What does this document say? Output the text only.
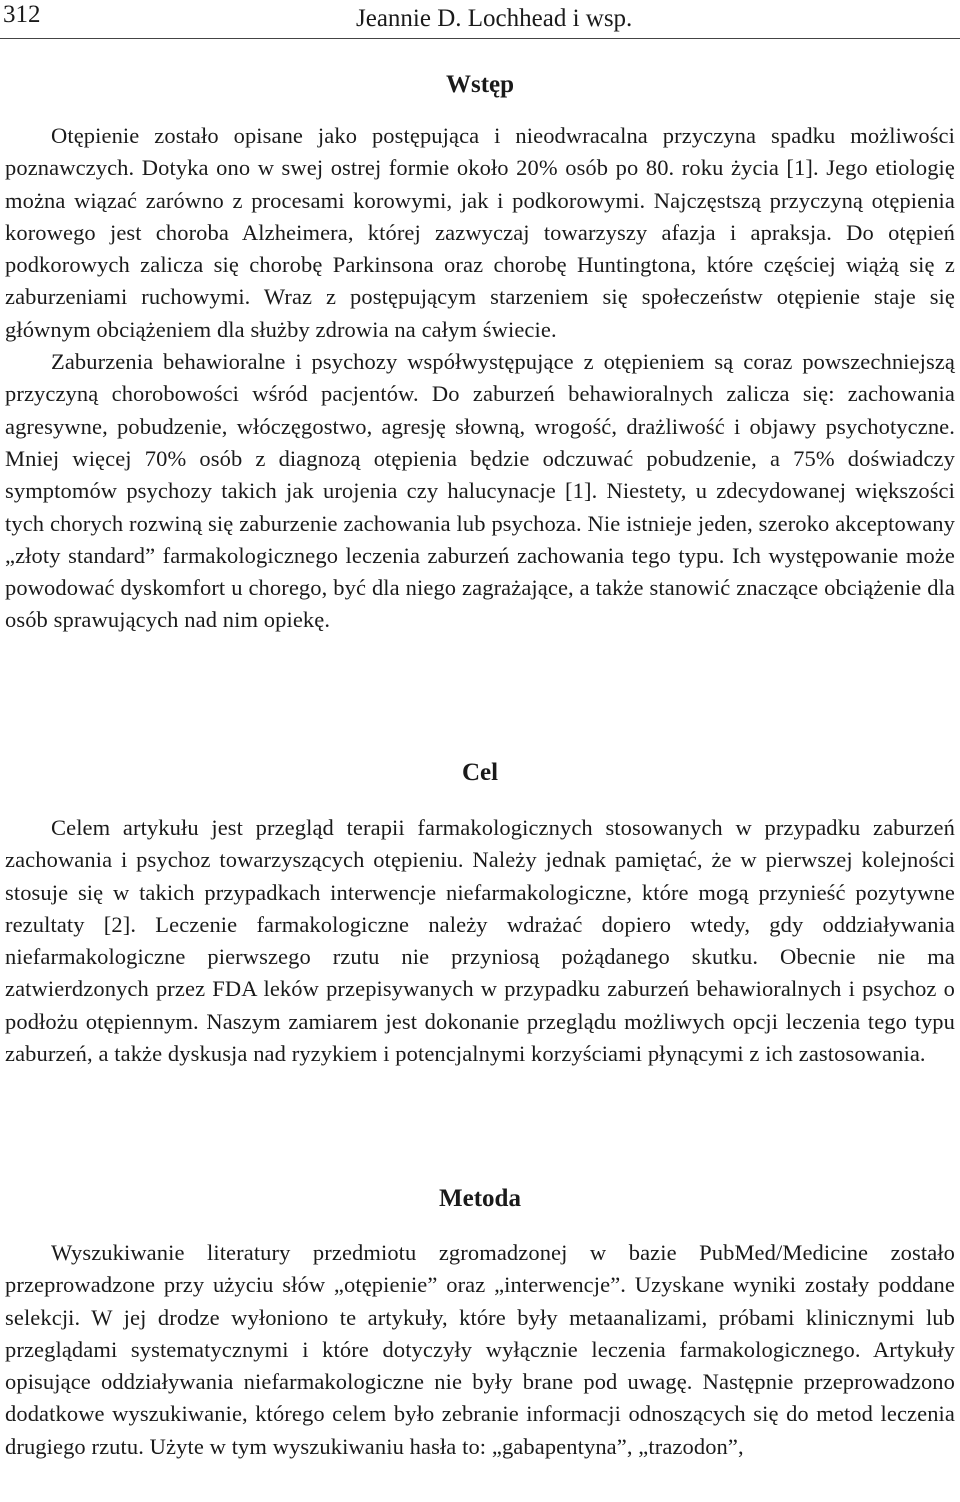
312	Jeannie D. Lochhead i wsp.
Wstęp

Otępienie zostało opisane jako postępująca i nieodwracalna przyczyna spadku możliwości poznawczych. Dotyka ono w swej ostrej formie około 20% osób po 80. roku życia [1]. Jego etiologię można wiązać zarówno z procesami korowymi, jak i podkorowymi. Najczęstszą przyczyną otępienia korowego jest choroba Alzheimera, której zazwyczaj towarzyszy afazja i apraksja. Do otępień podkorowych zalicza się chorobę Parkinsona oraz chorobę Huntingtona, które częściej wiążą się z zaburzeniami ruchowymi. Wraz z postępującym starzeniem się społeczeństw otępienie staje się głównym obciążeniem dla służby zdrowia na całym świecie.

Zaburzenia behawioralne i psychozy współwystępujące z otępieniem są coraz powszechniejszą przyczyną chorobowości wśród pacjentów. Do zaburzeń behawioralnych zalicza się: zachowania agresywne, pobudzenie, włóczęgostwo, agresję słowną, wrogość, drażliwość i objawy psychotyczne. Mniej więcej 70% osób z diagnozą otępienia będzie odczuwać pobudzenie, a 75% doświadczy symptomów psychozy takich jak urojenia czy halucynacje [1]. Niestety, u zdecydowanej większości tych chorych rozwiną się zaburzenie zachowania lub psychoza. Nie istnieje jeden, szeroko akceptowany „złoty standard” farmakologicznego leczenia zaburzeń zachowania tego typu. Ich występowanie może powodować dyskomfort u chorego, być dla niego zagrażające, a także stanowić znaczące obciążenie dla osób sprawujących nad nim opiekę.

Cel

Celem artykułu jest przegląd terapii farmakologicznych stosowanych w przypadku zaburzeń zachowania i psychoz towarzyszących otępieniu. Należy jednak pamiętać, że w pierwszej kolejności stosuje się w takich przypadkach interwencje niefarmakologiczne, które mogą przynieść pozytywne rezultaty [2]. Leczenie farmakologiczne należy wdrażać dopiero wtedy, gdy oddziaływania niefarmakologiczne pierwszego rzutu nie przyniosą pożądanego skutku. Obecnie nie ma zatwierdzonych przez FDA leków przepisywanych w przypadku zaburzeń behawioralnych i psychoz o podłożu otępiennym. Naszym zamiarem jest dokonanie przeglądu możliwych opcji leczenia tego typu zaburzeń, a także dyskusja nad ryzykiem i potencjalnymi korzyściami płynącymi z ich zastosowania.

Metoda

Wyszukiwanie literatury przedmiotu zgromadzonej w bazie PubMed/Medicine zostało przeprowadzone przy użyciu słów „otępienie” oraz „interwencje”. Uzyskane wyniki zostały poddane selekcji. W jej drodze wyłoniono te artykuły, które były metaanalizami, próbami klinicznymi lub przeglądami systematycznymi i które dotyczyły wyłącznie leczenia farmakologicznego. Artykuły opisujące oddziaływania niefarmakologiczne nie były brane pod uwagę. Następnie przeprowadzono dodatkowe wyszukiwanie, którego celem było zebranie informacji odnoszących się do metod leczenia drugiego rzutu. Użyte w tym wyszukiwaniu hasła to: „gabapentyna”, „trazodon”,
